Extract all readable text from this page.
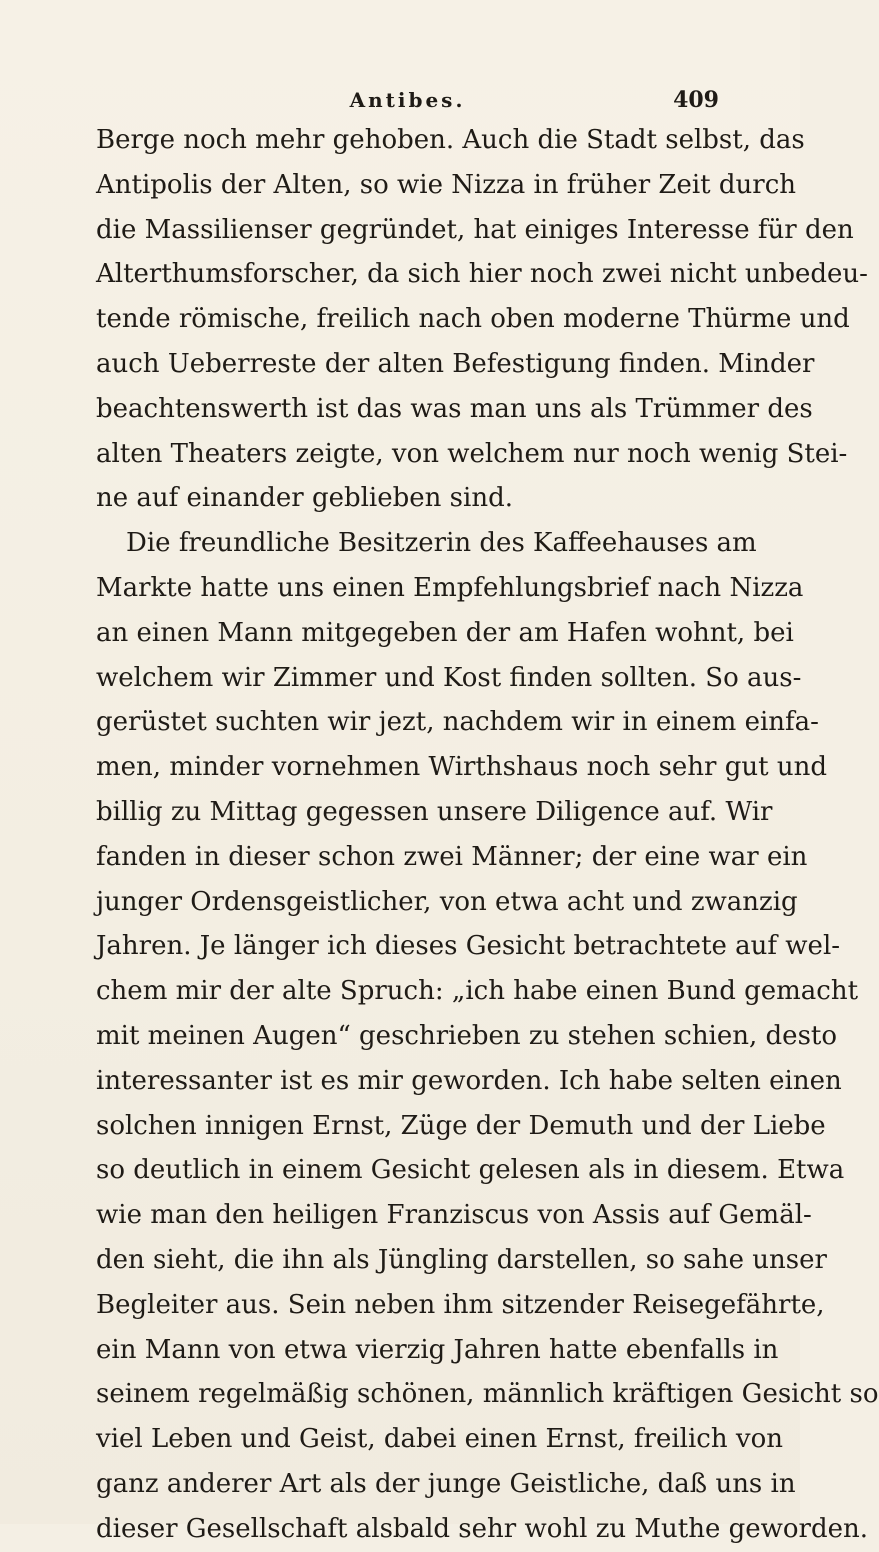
Antibes.	409
Berge noch mehr gehoben. Auch die Stadt selbst, das
Antipolis der Alten, so wie Nizza in früher Zeit durch
die Massilienser gegründet, hat einiges Interesse für den
Alterthumsforscher, da sich hier noch zwei nicht unbedeu-
tende römische, freilich nach oben moderne Thürme und
auch Ueberreste der alten Befestigung finden. Minder
beachtenswerth ist das was man uns als Trümmer des
alten Theaters zeigte, von welchem nur noch wenig Stei-
ne auf einander geblieben sind.
Die freundliche Besitzerin des Kaffeehauses am
Markte hatte uns einen Empfehlungsbrief nach Nizza
an einen Mann mitgegeben der am Hafen wohnt, bei
welchem wir Zimmer und Kost finden sollten. So aus-
gerüstet suchten wir jezt, nachdem wir in einem einfa-
men, minder vornehmen Wirthshaus noch sehr gut und
billig zu Mittag gegessen unsere Diligence auf. Wir
fanden in dieser schon zwei Männer; der eine war ein
junger Ordensgeistlicher, von etwa acht und zwanzig
Jahren. Je länger ich dieses Gesicht betrachtete auf wel-
chem mir der alte Spruch: „ich habe einen Bund gemacht
mit meinen Augen“ geschrieben zu stehen schien, desto
interessanter ist es mir geworden. Ich habe selten einen
solchen innigen Ernst, Züge der Demuth und der Liebe
so deutlich in einem Gesicht gelesen als in diesem. Etwa
wie man den heiligen Franziscus von Assis auf Gemäl-
den sieht, die ihn als Jüngling darstellen, so sahe unser
Begleiter aus. Sein neben ihm sitzender Reisegefährte,
ein Mann von etwa vierzig Jahren hatte ebenfalls in
seinem regelmäßig schönen, männlich kräftigen Gesicht so
viel Leben und Geist, dabei einen Ernst, freilich von
ganz anderer Art als der junge Geistliche, daß uns in
dieser Gesellschaft alsbald sehr wohl zu Muthe geworden.
